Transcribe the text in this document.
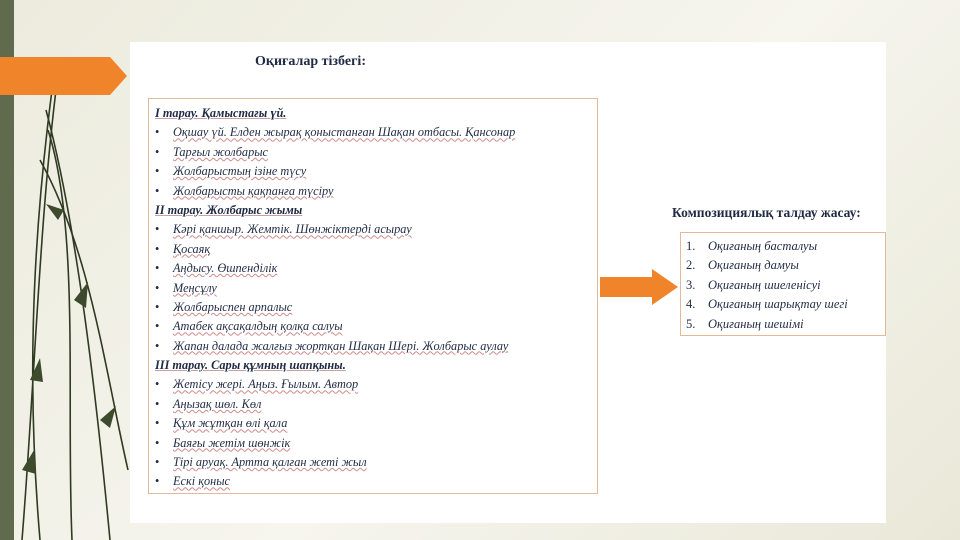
Оқиғалар тізбегі:
I тарау. Қамыстағы үй.
• Оқшау үй. Елден жырақ қоныстанған Шақан отбасы. Қансонар
• Тарғыл жолбарыс
• Жолбарыстың ізіне түсу
• Жолбарысты қақпанға түсіру
II тарау. Жолбарыс жымы
• Кәрі қаншыр. Жемтік. Шөнжіктерді асырау
• Қосаяқ
• Аңдысу. Өшпенділік
• Меңсұлу
• Жолбарыспен арпалыс
• Атабек ақсақалдың қолқа салуы
• Жапан далада жалғыз жортқан Шақан Шері. Жолбарыс аулау
III тарау. Сары құмның шапқыны.
• Жетісу жері. Аңыз. Ғылым. Автор
• Аңызақ шөл. Көл
• Құм жұтқан өлі қала
• Баяғы жетім шөнжік
• Тірі аруақ. Артта қалған жеті жыл
• Ескі қоныс
Композициялық талдау жасау:
1. Оқиғаның басталуы
2. Оқиғаның дамуы
3. Оқиғаның шиеленісуі
4. Оқиғаның шарықтау шегі
5. Оқиғаның шешімі
